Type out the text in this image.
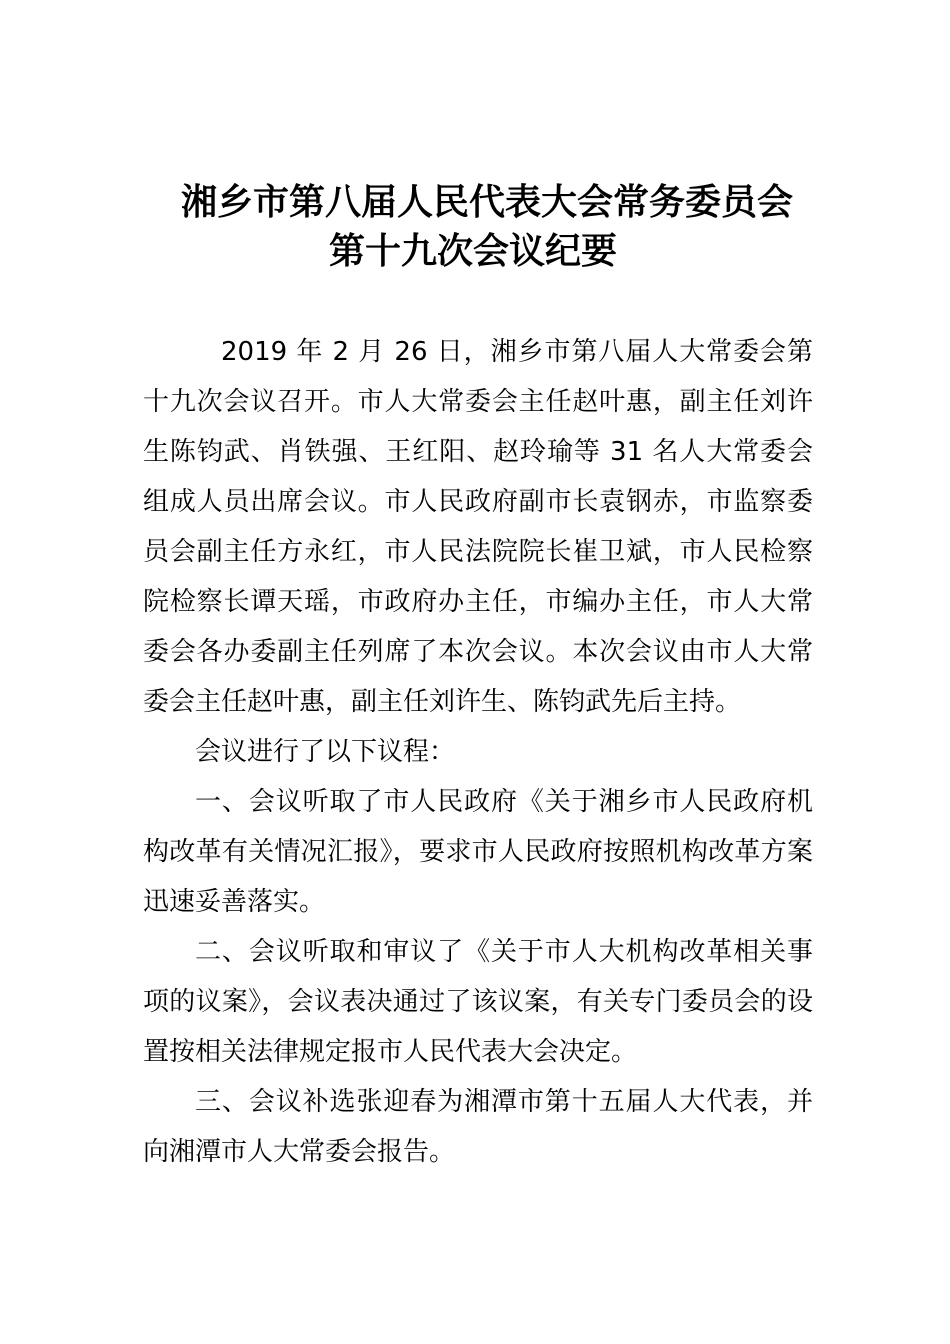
湘乡市第八届人民代表大会常务委员会
第十九次会议纪要

2019 年 2 月 26 日，湘乡市第八届人大常委会第十九次会议召开。市人大常委会主任赵叶惠，副主任刘许生陈钧武、肖铁强、王红阳、赵玲瑜等 31 名人大常委会组成人员出席会议。市人民政府副市长袁钢赤，市监察委员会副主任方永红，市人民法院院长崔卫斌，市人民检察院检察长谭天瑶，市政府办主任，市编办主任，市人大常委会各办委副主任列席了本次会议。本次会议由市人大常委会主任赵叶惠，副主任刘许生、陈钧武先后主持。

会议进行了以下议程：

一、会议听取了市人民政府《关于湘乡市人民政府机构改革有关情况汇报》，要求市人民政府按照机构改革方案迅速妥善落实。

二、会议听取和审议了《关于市人大机构改革相关事项的议案》，会议表决通过了该议案，有关专门委员会的设置按相关法律规定报市人民代表大会决定。

三、会议补选张迎春为湘潭市第十五届人大代表，并向湘潭市人大常委会报告。
